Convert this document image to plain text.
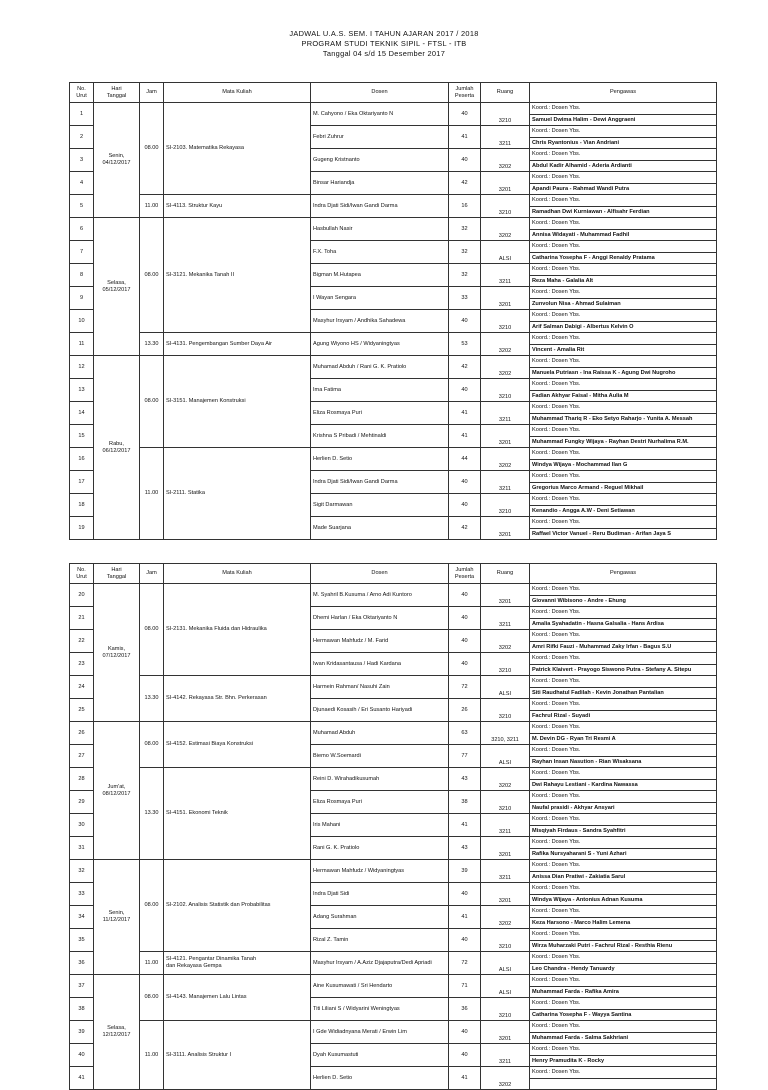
JADWAL U.A.S. SEM. I TAHUN AJARAN 2017 / 2018
PROGRAM STUDI TEKNIK SIPIL - FTSL - ITB
Tanggal 04 s/d 15 Desember 2017
No.
Urut	Hari
Tanggal	Jam	Mata Kuliah	Dosen	Jumlah
Peserta	Ruang	Pengawas
1	Senin, 04/12/2017	08.00	SI-2103. Matematika Rekayasa	M. Cahyono / Eka Oktariyanto N	40	3210	Koord.: Dosen Ybs.
Samuel Dwima Halim - Dewi Anggraeni

2				Febri Zuhrur	41	3211	Koord.: Dosen Ybs.
Chris Ryantonius - Vian Andriani

3				Gugeng Kristnanto	40	3202	Koord.: Dosen Ybs.
Abdul Kadir Alhamid - Aderia Ardianti

4				Binsar Hariandja	42	3201	Koord.: Dosen Ybs.
Apandi Paura - Rahmad Wandi Putra

5		11.00	SI-4113. Struktur Kayu	Indra Djati Sidi/Iwan Gandi Darma	16	3210	Koord.: Dosen Ybs.
Ramadhan Dwi Kurniawan - Alfisahr Ferdian

6	Selasa, 05/12/2017	08.00	SI-3121. Mekanika Tanah II	Hasbullah Nasir	32	3202	Koord.: Dosen Ybs.
Annisa Widayati - Muhammad Fadhil

7				F.X. Toha	32	ALSI	Koord.: Dosen Ybs.
Catharina Yosepha F - Anggi Renaldy Pratama

8				Bigman M.Hutapea	32	3211	Koord.: Dosen Ybs.
Reza Maha - Galalia Alt

9				I Wayan Sengara	33	3201	Koord.: Dosen Ybs.
Zunvolun Nisa - Ahmad Sulaiman

10				Masyhur Irsyam / Andhika Sahadewa	40	3210	Koord.: Dosen Ybs.
Arif Salman Dabigi - Albertus Kelvin O

11		13.30	SI-4131. Pengembangan Sumber Daya Air	Agung Wiyono HS / Widyaningtyas	53	3202	Koord.: Dosen Ybs.
Vincent - Amalia Rit

12	Rabu, 06/12/2017	08.00	SI-3151. Manajemen Konstruksi	Muhamad Abduh / Rani G. K. Pratiolo	42	3202	Koord.: Dosen Ybs.
Manuela Putriasn - Ina Raissa K - Agung Dwi Nugroho

13				Ima Fatima	40	3210	Koord.: Dosen Ybs.
Fadian Akhyar Faisal - Mitha Aulia M

14				Eliza Rosmaya Puri	41	3211	Koord.: Dosen Ybs.
Muhammad Thariq R - Eko Setyo Raharjo - Yunita A. Messah

15				Krishna S Pribadi / Mehtinaldi	41	3201	Koord.: Dosen Ybs.
Muhammad Fungky Wijaya - Rayhan Destri Nurhalima R.M.

16		11.00	SI-2111. Statika	Herlien D. Setio	44	3202	Koord.: Dosen Ybs.
Windya Wijaya - Mochammad Ilan G

17				Indra Djati Sidi/Iwan Gandi Darma	40	3211	Koord.: Dosen Ybs.
Gregorius Marco Armand - Reguel Mikhail

18				Sigit Darmawan	40	3210	Koord.: Dosen Ybs.
Kenandio - Angga A.W - Deni Setiawan

19				Made Suarjana	42	3201	Koord.: Dosen Ybs.
Raffael Victor Vanuel - Reru Budiman - Arifan Jaya S
No.
Urut	Hari
Tanggal	Jam	Mata Kuliah	Dosen	Jumlah
Peserta	Ruang	Pengawas
20	Kamis, 07/12/2017	08.00	SI-2131. Mekanika Fluida dan Hidraulika	M. Syahril B.Kusuma / Arno Adi Kuntoro	40	3201	Koord.: Dosen Ybs.
Giovanni Wibisono - Andre - Ehung

21				Dhemi Harlan / Eka Oktariyanto N	40	3211	Koord.: Dosen Ybs.
Amalia Syahadatin - Hasna Galsalia - Hans Ardisa

22				Hermawan Mahfudz / M. Farid	40	3202	Koord.: Dosen Ybs.
Amri Rifki Fauzi - Muhammad Zaky Irfan - Bagus S.U

23				Iwan Kridasantausa / Hadi Kardana	40	3210	Koord.: Dosen Ybs.
Patrick Klaivert - Prayogo Siswono Putra - Stefany A. Sitepu

24		13.30	SI-4142. Rekayasa Str. Bhn. Perkerasan	Harmein Rahman/ Nasuhi Zain	72	ALSI	Koord.: Dosen Ybs.
Siti Raudhatul Fadilah - Kevin Jonathan Pantalian

25				Djunaedi Kosasih / Eri Susanto Hariyadi	26	3210	Koord.: Dosen Ybs.
Fachrul Rizal - Suyadi

26	Jum'at, 08/12/2017	08.00	SI-4152. Estimasi Biaya Konstruksi	Muhamad Abduh	63	3210, 3211	Koord.: Dosen Ybs.
M. Devin DG - Ryan Tri Resmi A

27				Biemo W.Soemardi	77	ALSI	Koord.: Dosen Ybs.
Rayhan Insan Nasution - Rian Wisaksana

28		13.30	SI-4151. Ekonomi Teknik	Reini D. Wirahadikusumah	43	3202	Koord.: Dosen Ybs.
Dwi Rahayu Lestiani - Kardina Nawassa

29				Eliza Rosmaya Puri	38	3210	Koord.: Dosen Ybs.
Naufal prasidi - Akhyar Ansyari

30				Iris Mahani	41	3211	Koord.: Dosen Ybs.
Misqiyah Firdaus - Sandra Syahfitri

31				Rani G. K. Pratiolo	43	3201	Koord.: Dosen Ybs.
Rafika Nursyaharani S - Yuni Azhari

32	Senin, 11/12/2017	08.00	SI-2102. Analisis Statistik dan Probabilitas	Hermawan Mahfudz / Widyaningtyas	39	3211	Koord.: Dosen Ybs.
Anissa Dian Pratiwi - Zakiatia Sarul

33				Indra Djati Sidi	40	3201	Koord.: Dosen Ybs.
Windya Wijaya - Antonius Adnan Kusuma

34				Adang Surahman	41	3202	Koord.: Dosen Ybs.
Keza Harsono - Marco Halim Lemena

35				Rizal Z. Tamin	40	3210	Koord.: Dosen Ybs.
Wirza Muharzaki Putri - Fachrul Rizal - Resthia Rienu

36		11.00	SI-4121. Pengantar Dinamika Tanah
dan Rekayasa Gempa	Masyhur Irsyam / A.Aziz Djajaputra/Dedi Apriadi	72	ALSI	Koord.: Dosen Ybs.
Leo Chandra - Hendy Tanuardy

37	Selasa, 12/12/2017	08.00	SI-4143. Manajemen Lalu Lintas	Aine Kusumawati / Sri Hendarto	71	ALSI	Koord.: Dosen Ybs.
Muhammad Farda - Rafika Amira

38				Titi Liliani S / Widyarini Weningtyas	36	3210	Koord.: Dosen Ybs.
Catharina Yosepha F - Wayya Santina

39		11.00	SI-3111. Analisis Struktur I	I Gde Widiadnyana Merati / Erwin Lim	40	3201	Koord.: Dosen Ybs.
Muhammad Farda - Salma Sakhriani

40				Dyah Kusumastuti	40	3211	Koord.: Dosen Ybs.
Henry Pramudita K - Rocky

41				Herlien D. Setio	41	3202	Koord.: Dosen Ybs.
